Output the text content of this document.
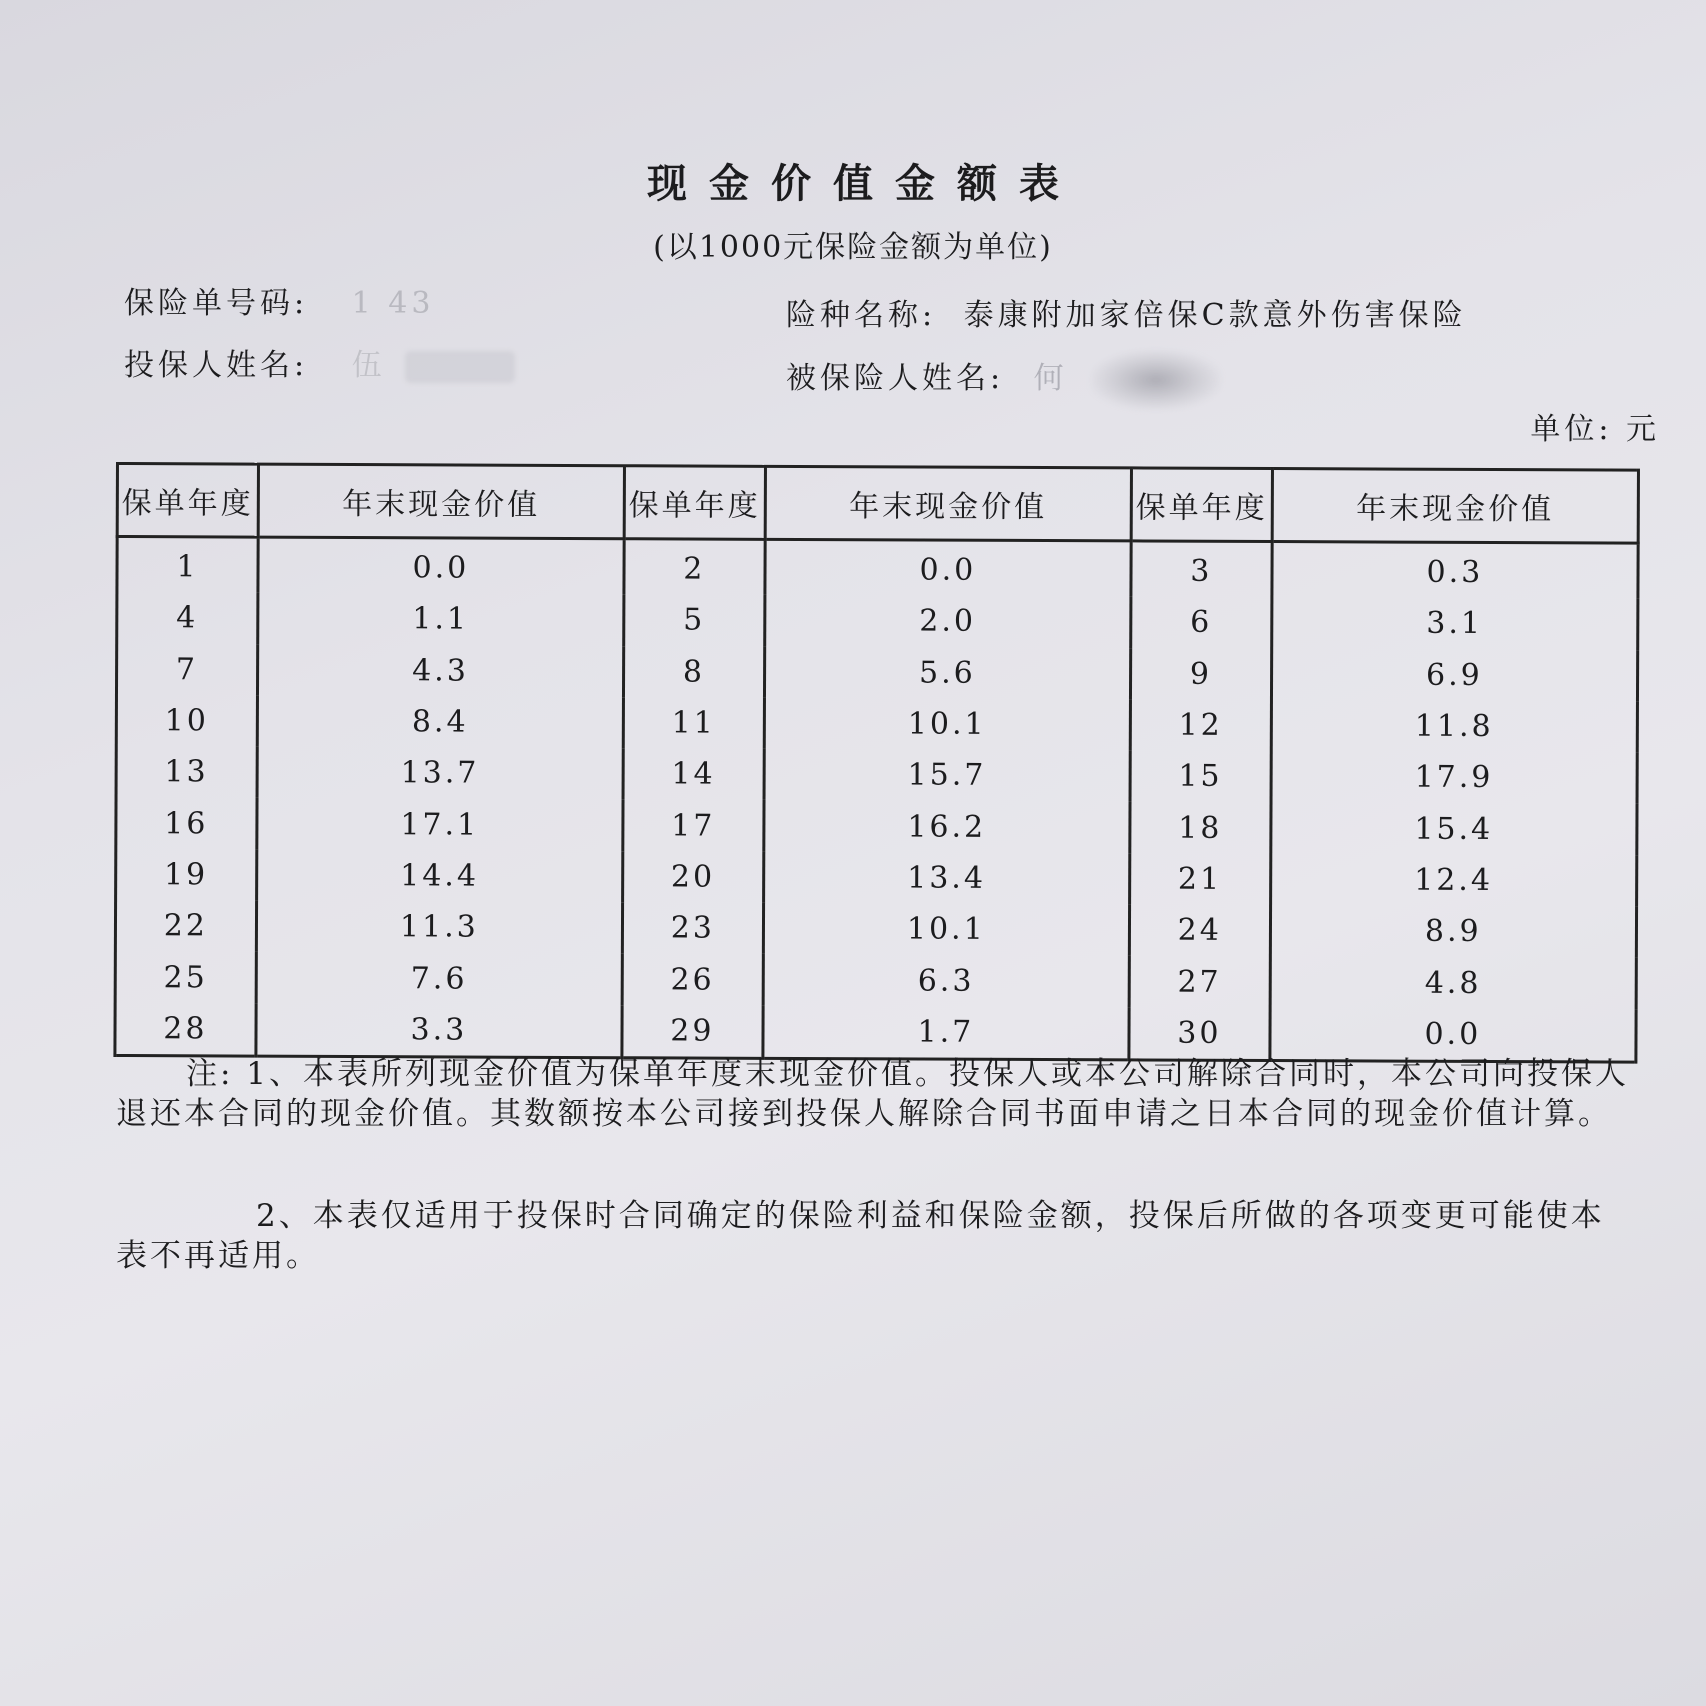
现金价值金额表
(以1000元保险金额为单位)
保险单号码: 1 43	险种名称: 泰康附加家倍保C款意外伤害保险
投保人姓名: 伍	被保险人姓名: 何
单位: 元
保单年度	年末现金价值	保单年度	年末现金价值	保单年度	年末现金价值
1	0.0	2	0.0	3	0.3
4	1.1	5	2.0	6	3.1
7	4.3	8	5.6	9	6.9
10	8.4	11	10.1	12	11.8
13	13.7	14	15.7	15	17.9
16	17.1	17	16.2	18	15.4
19	14.4	20	13.4	21	12.4
22	11.3	23	10.1	24	8.9
25	7.6	26	6.3	27	4.8
28	3.3	29	1.7	30	0.0
注: 1、本表所列现金价值为保单年度末现金价值。投保人或本公司解除合同时，本公司向投保人退还本合同的现金价值。其数额按本公司接到投保人解除合同书面申请之日本合同的现金价值计算。
2、本表仅适用于投保时合同确定的保险利益和保险金额，投保后所做的各项变更可能使本表不再适用。
